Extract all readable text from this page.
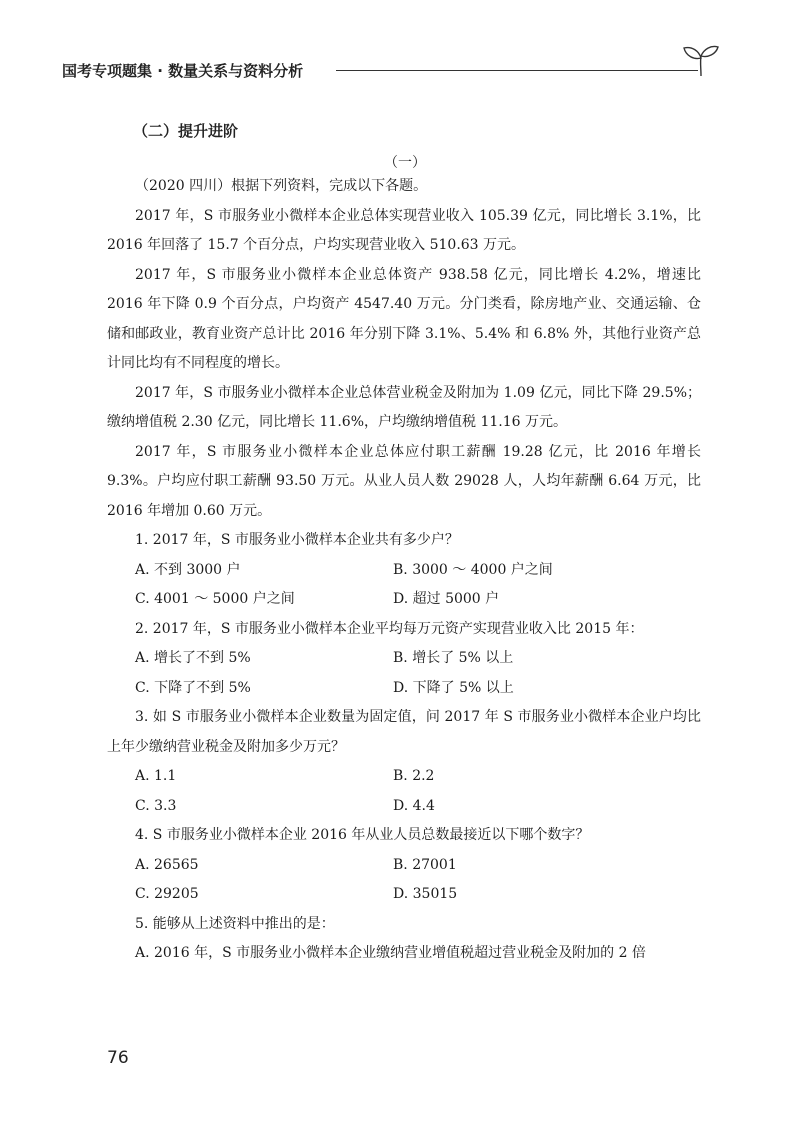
国考专项题集 · 数量关系与资料分析
（二）提升进阶
（一）

（2020 四川）根据下列资料，完成以下各题。

2017 年，S 市服务业小微样本企业总体实现营业收入 105.39 亿元，同比增长 3.1%，比 2016 年回落了 15.7 个百分点，户均实现营业收入 510.63 万元。

2017 年，S 市服务业小微样本企业总体资产 938.58 亿元，同比增长 4.2%，增速比 2016 年下降 0.9 个百分点，户均资产 4547.40 万元。分门类看，除房地产业、交通运输、仓储和邮政业，教育业资产总计比 2016 年分别下降 3.1%、5.4% 和 6.8% 外，其他行业资产总计同比均有不同程度的增长。

2017 年，S 市服务业小微样本企业总体营业税金及附加为 1.09 亿元，同比下降 29.5%；缴纳增值税 2.30 亿元，同比增长 11.6%，户均缴纳增值税 11.16 万元。

2017 年，S 市服务业小微样本企业总体应付职工薪酬 19.28 亿元，比 2016 年增长 9.3%。户均应付职工薪酬 93.50 万元。从业人员人数 29028 人，人均年薪酬 6.64 万元，比 2016 年增加 0.60 万元。

1. 2017 年，S 市服务业小微样本企业共有多少户？

A. 不到 3000 户	B. 3000 ～ 4000 户之间
C. 4001 ～ 5000 户之间	D. 超过 5000 户

2. 2017 年，S 市服务业小微样本企业平均每万元资产实现营业收入比 2015 年：

A. 增长了不到 5%	B. 增长了 5% 以上
C. 下降了不到 5%	D. 下降了 5% 以上

3. 如 S 市服务业小微样本企业数量为固定值，问 2017 年 S 市服务业小微样本企业户均比上年少缴纳营业税金及附加多少万元？

A. 1.1	B. 2.2
C. 3.3	D. 4.4

4. S 市服务业小微样本企业 2016 年从业人员总数最接近以下哪个数字？

A. 26565	B. 27001
C. 29205	D. 35015

5. 能够从上述资料中推出的是：

A. 2016 年，S 市服务业小微样本企业缴纳营业增值税超过营业税金及附加的 2 倍

76
